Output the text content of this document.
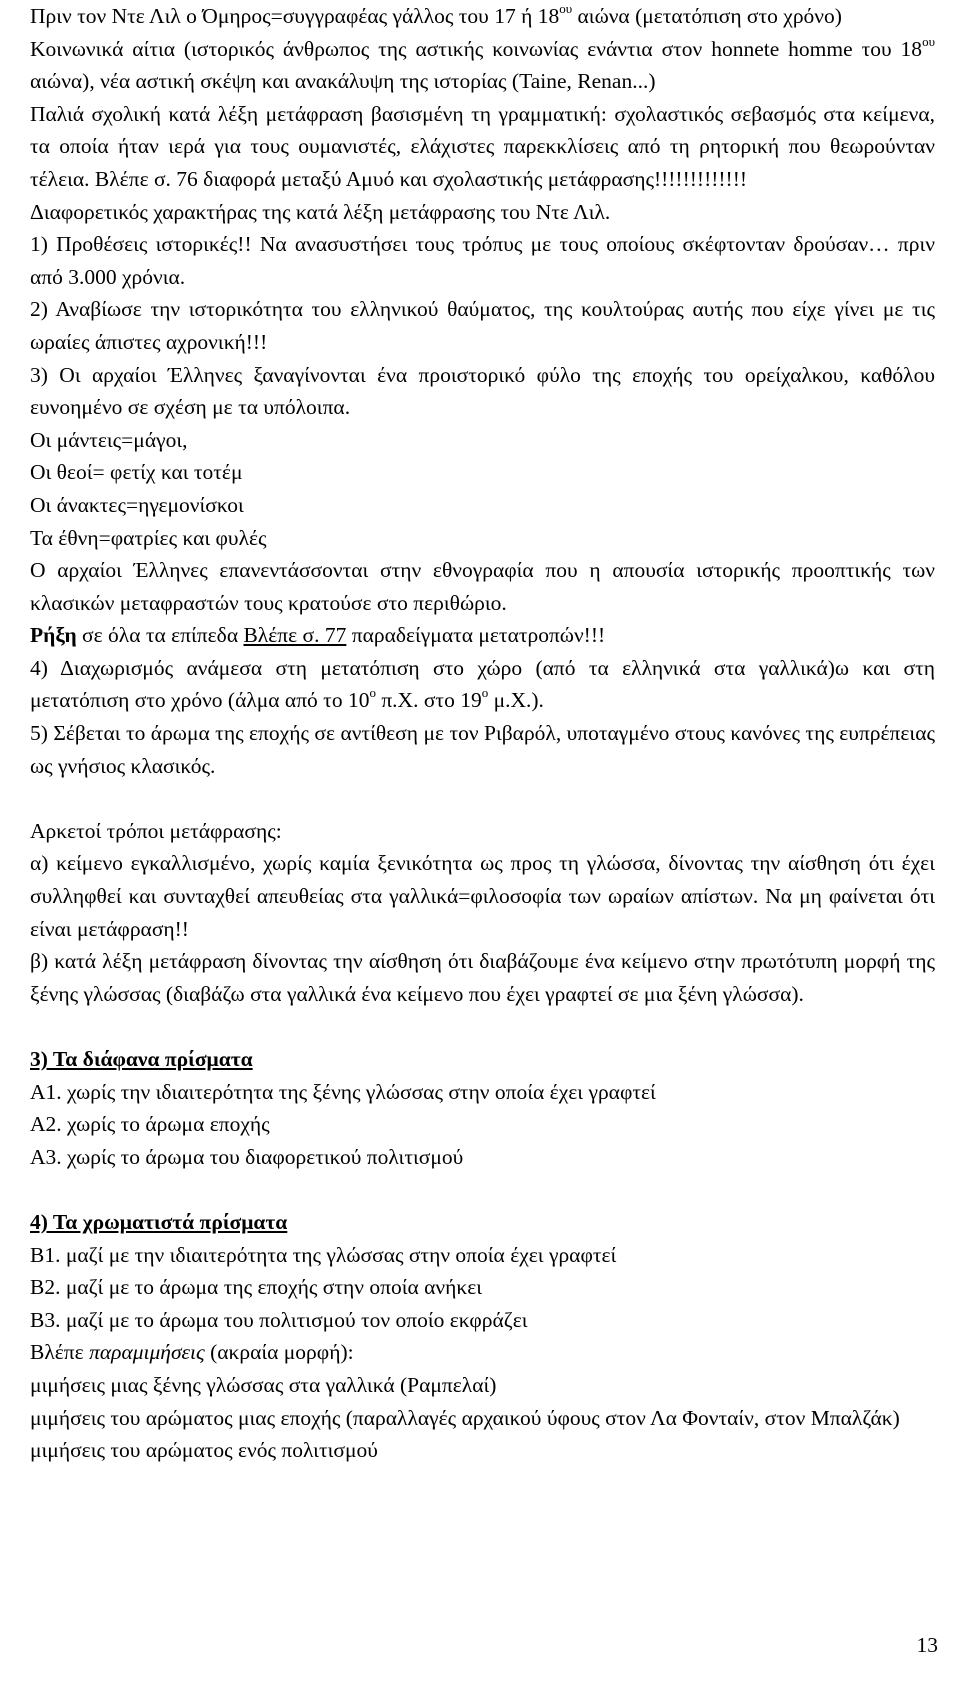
Πριν τον Ντε Λιλ ο Όμηρος=συγγραφέας γάλλος του 17 ή $18^{o\upsilon}$ αιώνα (μετατόπιση στο χρόνο)

Κοινωνικά αίτια (ιστορικός άνθρωπος της αστικής κοινωνίας ενάντια στον honnete homme του $18^{o\upsilon}$ αιώνα), νέα αστική σκέψη και ανακάλυψη της ιστορίας (Taine, Renan...)

Παλιά σχολική κατά λέξη μετάφραση βασισμένη τη γραμματική: σχολαστικός σεβασμός στα κείμενα, τα οποία ήταν ιερά για τους ουμανιστές, ελάχιστες παρεκκλίσεις από τη ρητορική που θεωρούνταν τέλεια. Βλέπε σ. 76 διαφορά μεταξύ Αμυό και σχολαστικής μετάφρασης!!!!!!!!!!!!!

Διαφορετικός χαρακτήρας της κατά λέξη μετάφρασης του Ντε Λιλ.

1) Προθέσεις ιστορικές!! Να ανασυστήσει τους τρόπυς με τους οποίους σκέφτονταν δρούσαν… πριν από 3.000 χρόνια.

2) Αναβίωσε την ιστορικότητα του ελληνικού θαύματος, της κουλτούρας αυτής που είχε γίνει με τις ωραίες άπιστες αχρονική!!!

3) Οι αρχαίοι Έλληνες ξαναγίνονται ένα προιστορικό φύλο της εποχής του ορείχαλκου, καθόλου ευνοημένο σε σχέση με τα υπόλοιπα.

Οι μάντεις=μάγοι,

Οι θεοί= φετίχ και τοτέμ

Οι άνακτες=ηγεμονίσκοι

Τα έθνη=φατρίες και φυλές

Ο αρχαίοι Έλληνες επανεντάσσονται στην εθνογραφία που η απουσία ιστορικής προοπτικής των κλασικών μεταφραστών τους κρατούσε στο περιθώριο.

Ρήξη σε όλα τα επίπεδα Βλέπε σ. 77 παραδείγματα μετατροπών!!!

4) Διαχωρισμός ανάμεσα στη μετατόπιση στο χώρο (από τα ελληνικά στα γαλλικά)ω και στη μετατόπιση στο χρόνο (άλμα από το $10^o$ π.Χ. στο $19^o$ μ.Χ.).

5) Σέβεται το άρωμα της εποχής σε αντίθεση με τον Ριβαρόλ, υποταγμένο στους κανόνες της ευπρέπειας ως γνήσιος κλασικός.

Αρκετοί τρόποι μετάφρασης:

α) κείμενο εγκαλλισμένο, χωρίς καμία ξενικότητα ως προς τη γλώσσα, δίνοντας την αίσθηση ότι έχει συλληφθεί και συνταχθεί απευθείας στα γαλλικά=φιλοσοφία των ωραίων απίστων. Να μη φαίνεται ότι είναι μετάφραση!!

β) κατά λέξη μετάφραση δίνοντας την αίσθηση ότι διαβάζουμε ένα κείμενο στην πρωτότυπη μορφή της ξένης γλώσσας (διαβάζω στα γαλλικά ένα κείμενο που έχει γραφτεί σε μια ξένη γλώσσα).

3) Τα διάφανα πρίσματα

Α1. χωρίς την ιδιαιτερότητα της ξένης γλώσσας στην οποία έχει γραφτεί

Α2. χωρίς το άρωμα εποχής

Α3. χωρίς το άρωμα του διαφορετικού πολιτισμού

4) Τα χρωματιστά πρίσματα

Β1. μαζί με την ιδιαιτερότητα της γλώσσας στην οποία έχει γραφτεί

Β2. μαζί με το άρωμα της εποχής στην οποία ανήκει

Β3. μαζί με το άρωμα του πολιτισμού τον οποίο εκφράζει

Βλέπε παραμιμήσεις (ακραία μορφή):

μιμήσεις μιας ξένης γλώσσας στα γαλλικά (Ραμπελαί)

μιμήσεις του αρώματος μιας εποχής (παραλλαγές αρχαικού ύφους στον Λα Φονταίν, στον Μπαλζάκ)

μιμήσεις του αρώματος ενός πολιτισμού

13
